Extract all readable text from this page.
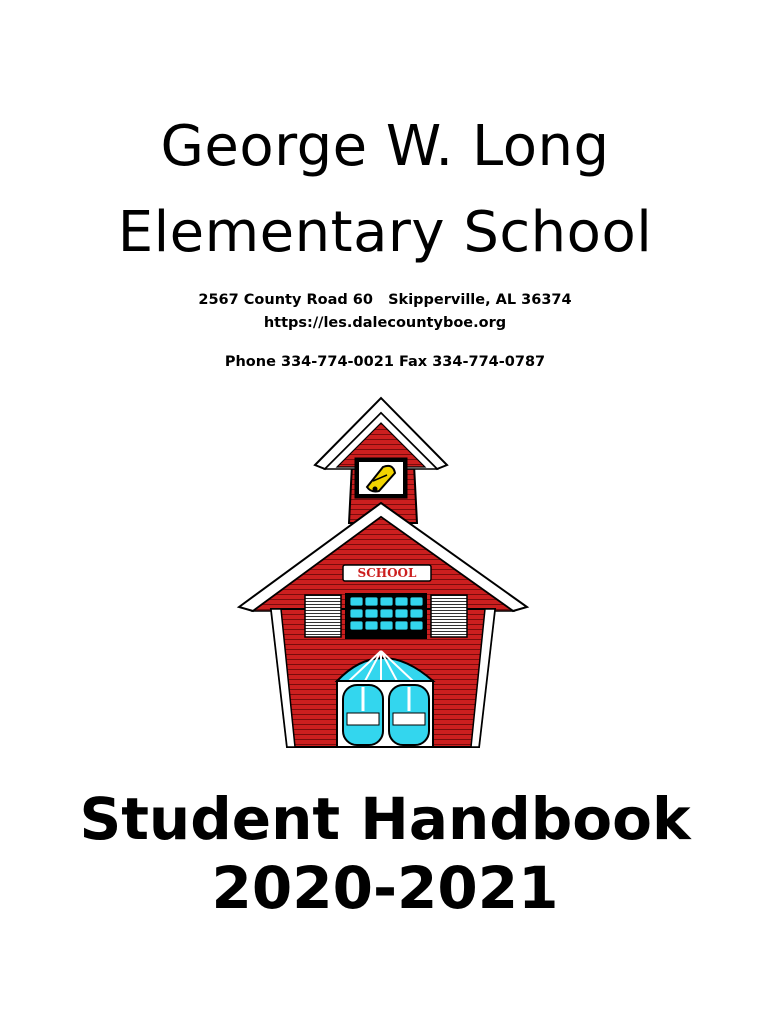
George W. Long
Elementary School
2567 County Road 60   Skipperville, AL 36374
https://les.dalecountyboe.org
Phone 334-774-0021 Fax 334-774-0787
SCHOOL
Student Handbook
2020-2021
